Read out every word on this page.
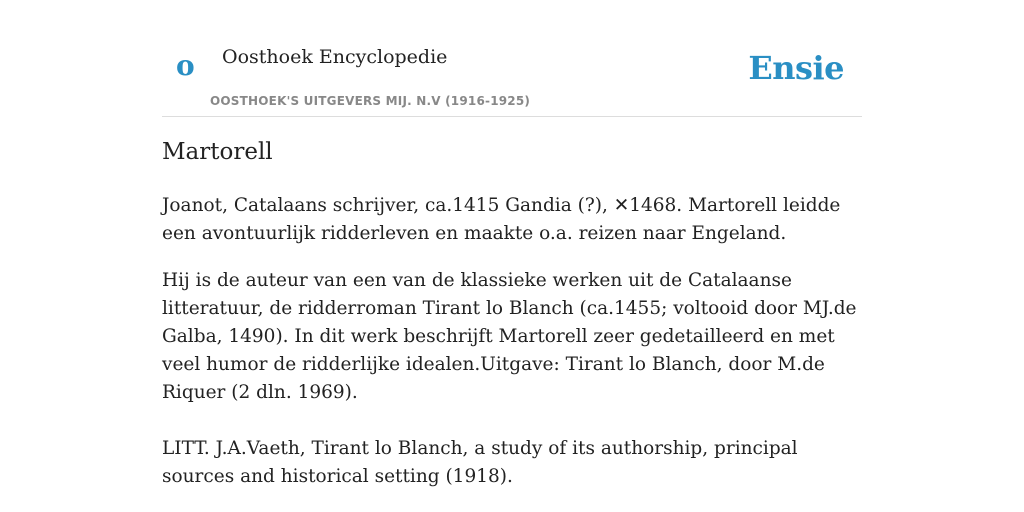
o Oosthoek Encyclopedie	Ensie
OOSTHOEK'S UITGEVERS MIJ. N.V (1916-1925)
Martorell

Joanot, Catalaans schrijver, ca.1415 Gandia (?), ✕1468. Martorell leidde een avontuurlijk ridderleven en maakte o.a. reizen naar Engeland.

Hij is de auteur van een van de klassieke werken uit de Catalaanse litteratuur, de ridderroman Tirant lo Blanch (ca.1455; voltooid door MJ.de Galba, 1490). In dit werk beschrijft Martorell zeer gedetailleerd en met veel humor de ridderlijke idealen.Uitgave: Tirant lo Blanch, door M.de Riquer (2 dln. 1969).

LITT. J.A.Vaeth, Tirant lo Blanch, a study of its authorship, principal sources and historical setting (1918).
